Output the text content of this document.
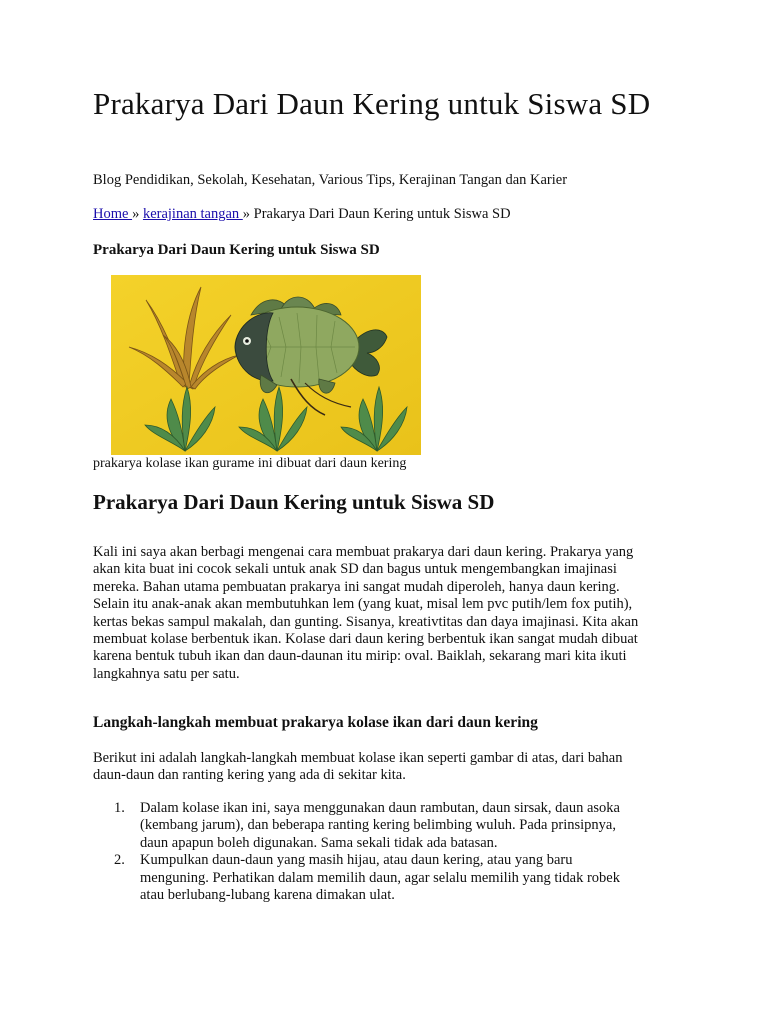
Prakarya Dari Daun Kering untuk Siswa SD
Blog Pendidikan, Sekolah, Kesehatan, Various Tips, Kerajinan Tangan dan Karier
Home » kerajinan tangan » Prakarya Dari Daun Kering untuk Siswa SD
Prakarya Dari Daun Kering untuk Siswa SD
prakarya kolase ikan gurame ini dibuat dari daun kering
Prakarya Dari Daun Kering untuk Siswa SD
Kali ini saya akan berbagi mengenai cara membuat prakarya dari daun kering. Prakarya yang
akan kita buat ini cocok sekali untuk anak SD dan bagus untuk mengembangkan imajinasi
mereka. Bahan utama pembuatan prakarya ini sangat mudah diperoleh, hanya daun kering.
Selain itu anak-anak akan membutuhkan lem (yang kuat, misal lem pvc putih/lem fox putih),
kertas bekas sampul makalah, dan gunting. Sisanya, kreativtitas dan daya imajinasi. Kita akan
membuat kolase berbentuk ikan. Kolase dari daun kering berbentuk ikan sangat mudah dibuat
karena bentuk tubuh ikan dan daun-daunan itu mirip: oval. Baiklah, sekarang mari kita ikuti
langkahnya satu per satu.
Langkah-langkah membuat prakarya kolase ikan dari daun kering
Berikut ini adalah langkah-langkah membuat kolase ikan seperti gambar di atas, dari bahan
daun-daun dan ranting kering yang ada di sekitar kita.
1. Dalam kolase ikan ini, saya menggunakan daun rambutan, daun sirsak, daun asoka
(kembang jarum), dan beberapa ranting kering belimbing wuluh. Pada prinsipnya,
daun apapun boleh digunakan. Sama sekali tidak ada batasan.
2. Kumpulkan daun-daun yang masih hijau, atau daun kering, atau yang baru
menguning. Perhatikan dalam memilih daun, agar selalu memilih yang tidak robek
atau berlubang-lubang karena dimakan ulat.
